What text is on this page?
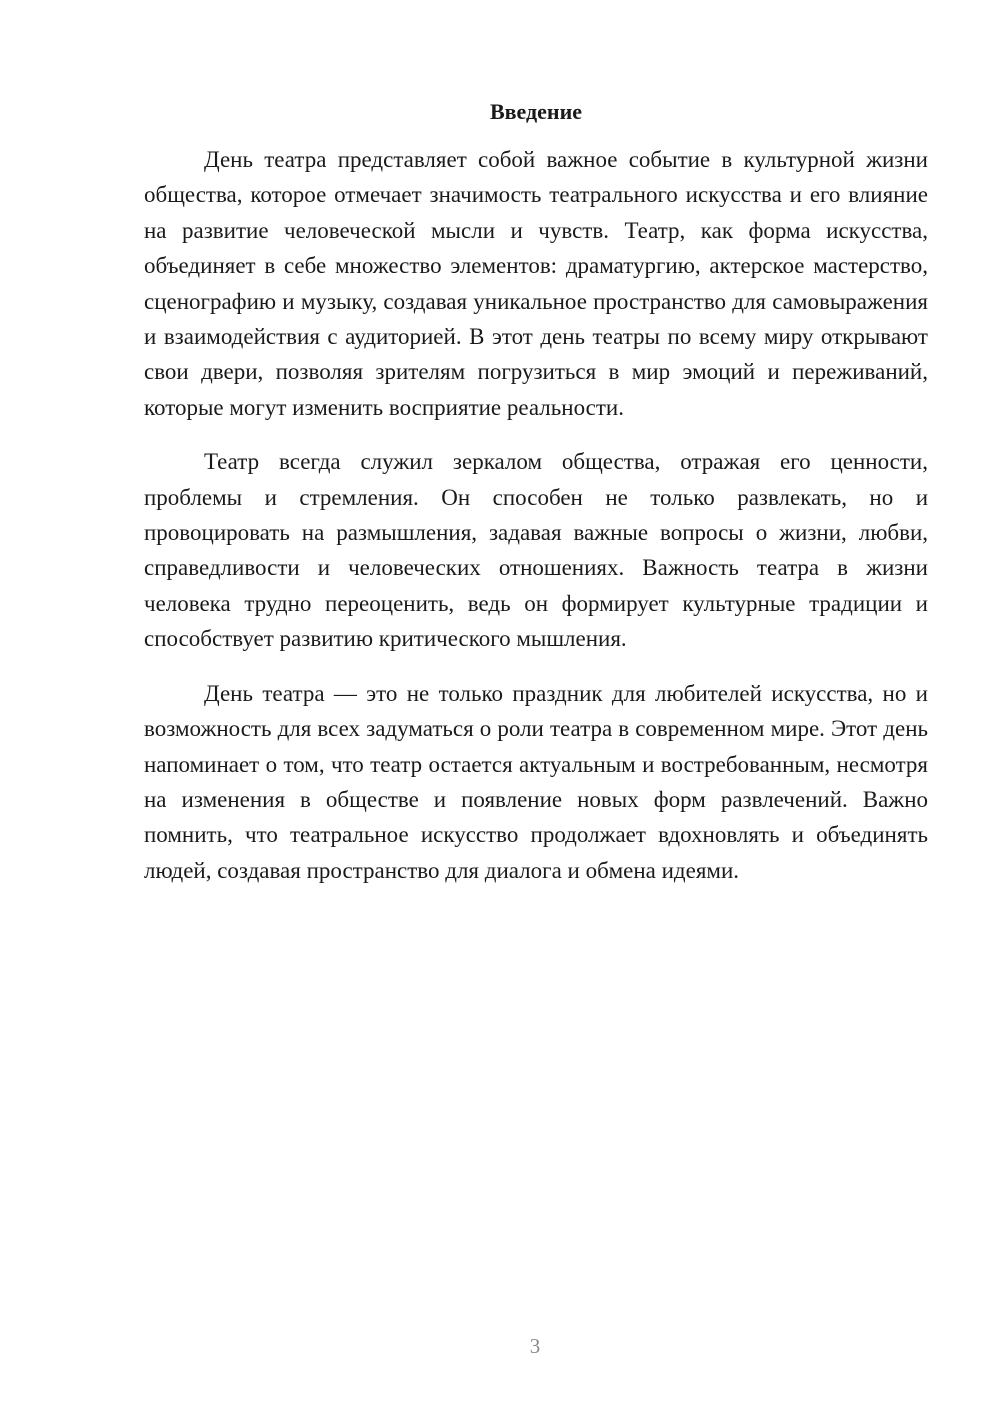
Введение

День театра представляет собой важное событие в культурной жизни общества, которое отмечает значимость театрального искусства и его влияние на развитие человеческой мысли и чувств. Театр, как форма искусства, объединяет в себе множество элементов: драматургию, актерское мастерство, сценографию и музыку, создавая уникальное пространство для самовыражения и взаимодействия с аудиторией. В этот день театры по всему миру открывают свои двери, позволяя зрителям погрузиться в мир эмоций и переживаний, которые могут изменить восприятие реальности.

Театр всегда служил зеркалом общества, отражая его ценности, проблемы и стремления. Он способен не только развлекать, но и провоцировать на размышления, задавая важные вопросы о жизни, любви, справедливости и человеческих отношениях. Важность театра в жизни человека трудно переоценить, ведь он формирует культурные традиции и способствует развитию критического мышления.

День театра — это не только праздник для любителей искусства, но и возможность для всех задуматься о роли театра в современном мире. Этот день напоминает о том, что театр остается актуальным и востребованным, несмотря на изменения в обществе и появление новых форм развлечений. Важно помнить, что театральное искусство продолжает вдохновлять и объединять людей, создавая пространство для диалога и обмена идеями.

3
